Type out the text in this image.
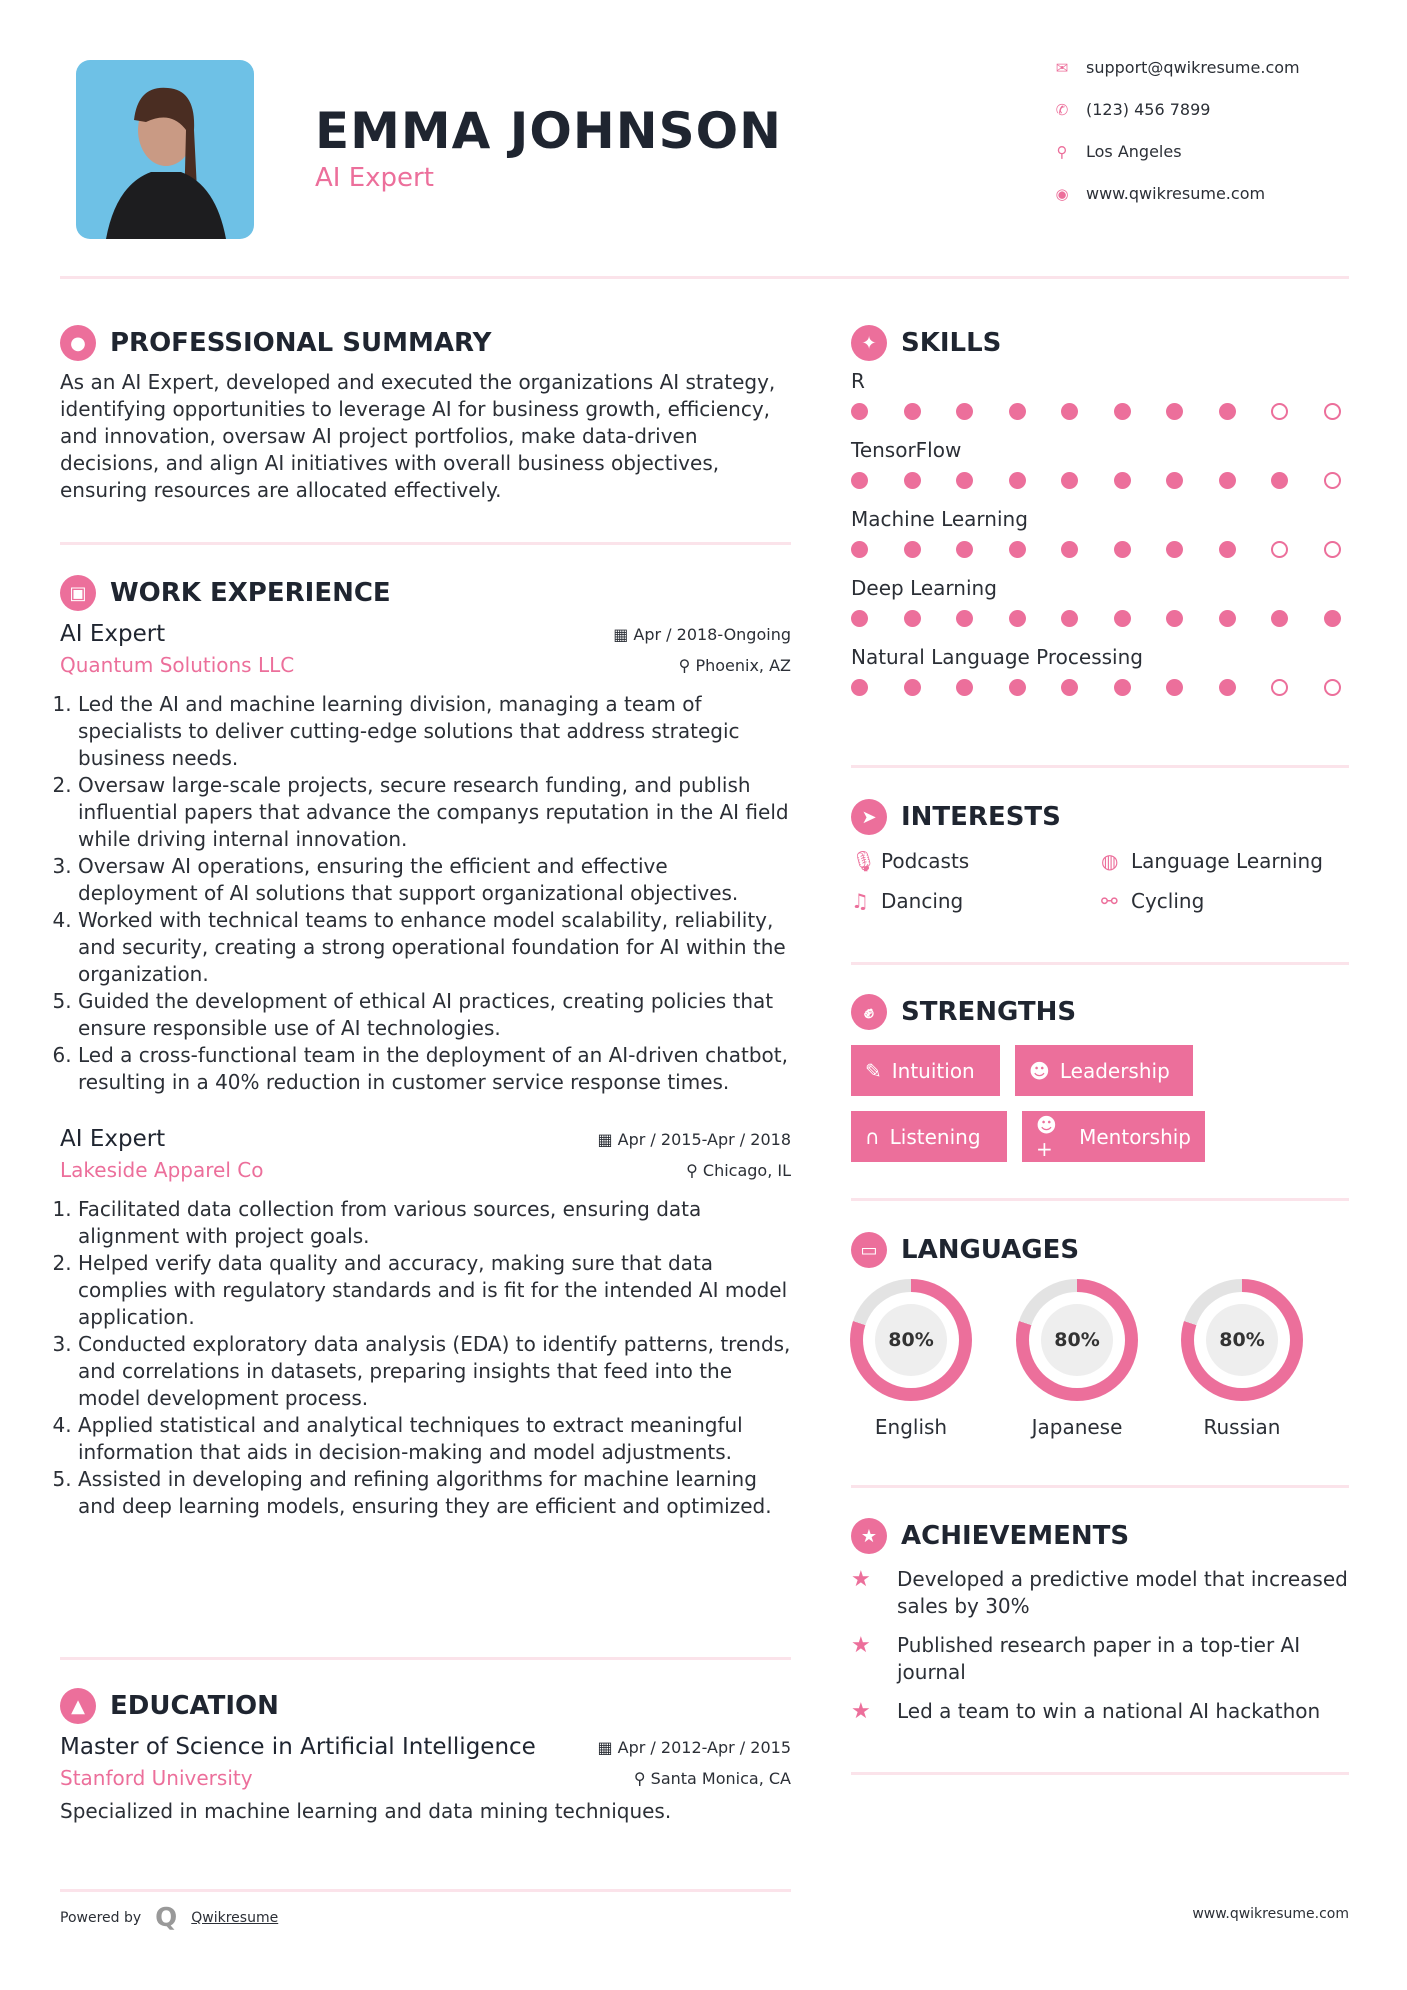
EMMA JOHNSON
AI Expert
✉ support@qwikresume.com
✆ (123) 456 7899
⚲ Los Angeles
◉ www.qwikresume.com
● PROFESSIONAL SUMMARY

As an AI Expert, developed and executed the organizations AI strategy, identifying opportunities to leverage AI for business growth, efficiency, and innovation, oversaw AI project portfolios, make data-driven decisions, and align AI initiatives with overall business objectives, ensuring resources are allocated effectively.

▣ WORK EXPERIENCE
AI Expert	▦ Apr / 2018-Ongoing
Quantum Solutions LLC	⚲ Phoenix, AZ
1. Led the AI and machine learning division, managing a team of specialists to deliver cutting-edge solutions that address strategic business needs.
2. Oversaw large-scale projects, secure research funding, and publish influential papers that advance the companys reputation in the AI field while driving internal innovation.
3. Oversaw AI operations, ensuring the efficient and effective deployment of AI solutions that support organizational objectives.
4. Worked with technical teams to enhance model scalability, reliability, and security, creating a strong operational foundation for AI within the organization.
5. Guided the development of ethical AI practices, creating policies that ensure responsible use of AI technologies.
6. Led a cross-functional team in the deployment of an AI-driven chatbot, resulting in a 40% reduction in customer service response times.
AI Expert	▦ Apr / 2015-Apr / 2018
Lakeside Apparel Co	⚲ Chicago, IL
1. Facilitated data collection from various sources, ensuring data alignment with project goals.
2. Helped verify data quality and accuracy, making sure that data complies with regulatory standards and is fit for the intended AI model application.
3. Conducted exploratory data analysis (EDA) to identify patterns, trends, and correlations in datasets, preparing insights that feed into the model development process.
4. Applied statistical and analytical techniques to extract meaningful information that aids in decision-making and model adjustments.
5. Assisted in developing and refining algorithms for machine learning and deep learning models, ensuring they are efficient and optimized.
▲ EDUCATION
Master of Science in Artificial Intelligence	▦ Apr / 2012-Apr / 2015
Stanford University	⚲ Santa Monica, CA

Specialized in machine learning and data mining techniques.

Powered by Q Qwikresume	www.qwikresume.com
✦ SKILLS
R
TensorFlow
Machine Learning
Deep Learning
Natural Language Processing
➤ INTERESTS
🎙︎ Podcasts	◍ Language Learning
♫ Dancing	⚯ Cycling
✊︎	STRENGTHS
✎ Intuition	☻ Leadership
∩ Listening	☻+	Mentorship
▭ LANGUAGES
80%
English
80%
Japanese
80%
Russian
★ ACHIEVEMENTS
★	Developed a predictive model that increased sales by 30%
★	Published research paper in a top-tier AI journal
★	Led a team to win a national AI hackathon
